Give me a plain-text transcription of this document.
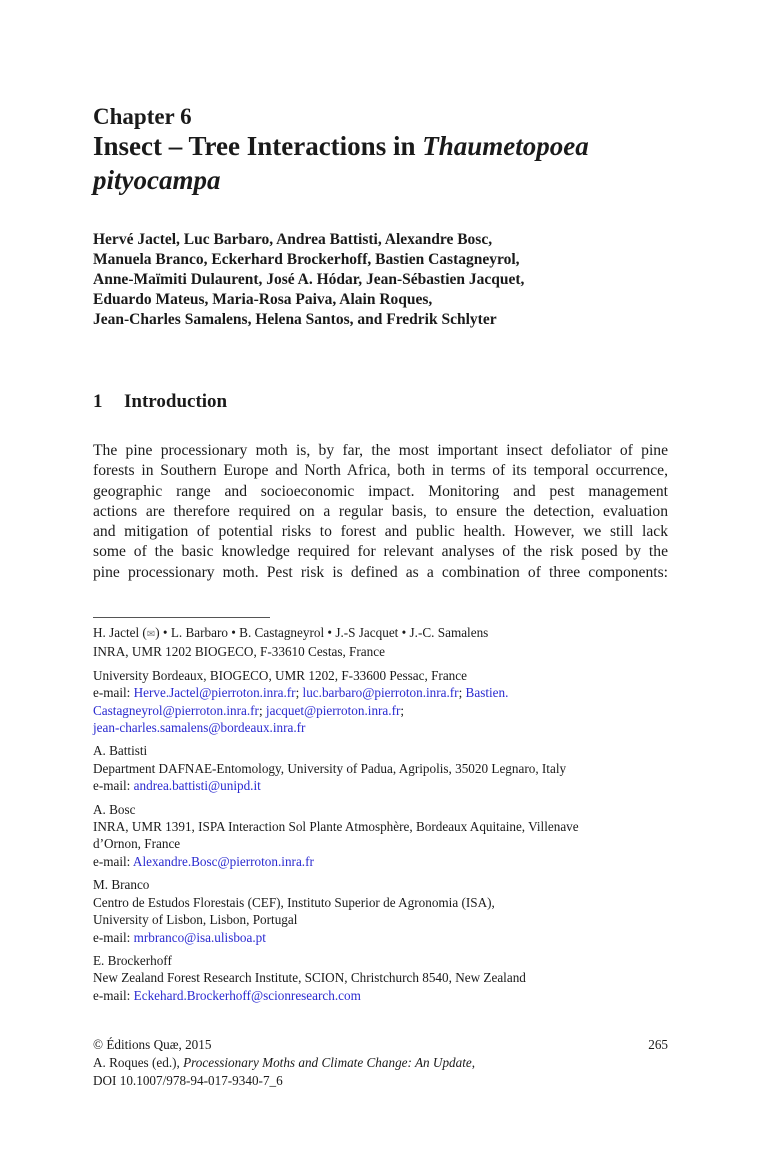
Chapter 6
Insect – Tree Interactions in Thaumetopoea
pityocampa
Hervé Jactel, Luc Barbaro, Andrea Battisti, Alexandre Bosc,
Manuela Branco, Eckerhard Brockerhoff, Bastien Castagneyrol,
Anne-Maïmiti Dulaurent, José A. Hódar, Jean-Sébastien Jacquet,
Eduardo Mateus, Maria-Rosa Paiva, Alain Roques,
Jean-Charles Samalens, Helena Santos, and Fredrik Schlyter
1 Introduction
The pine processionary moth is, by far, the most important insect defoliator of pine
forests in Southern Europe and North Africa, both in terms of its temporal occurrence,
geographic range and socioeconomic impact. Monitoring and pest management
actions are therefore required on a regular basis, to ensure the detection, evaluation
and mitigation of potential risks to forest and public health. However, we still lack
some of the basic knowledge required for relevant analyses of the risk posed by the
pine processionary moth. Pest risk is defined as a combination of three components:
H. Jactel (✉) • L. Barbaro • B. Castagneyrol • J.-S Jacquet • J.-C. Samalens
INRA, UMR 1202 BIOGECO, F-33610 Cestas, France
University Bordeaux, BIOGECO, UMR 1202, F-33600 Pessac, France
e-mail: Herve.Jactel@pierroton.inra.fr; luc.barbaro@pierroton.inra.fr; Bastien.
Castagneyrol@pierroton.inra.fr; jacquet@pierroton.inra.fr;
jean-charles.samalens@bordeaux.inra.fr
A. Battisti
Department DAFNAE-Entomology, University of Padua, Agripolis, 35020 Legnaro, Italy
e-mail: andrea.battisti@unipd.it
A. Bosc
INRA, UMR 1391, ISPA Interaction Sol Plante Atmosphère, Bordeaux Aquitaine, Villenave
d’Ornon, France
e-mail: Alexandre.Bosc@pierroton.inra.fr
M. Branco
Centro de Estudos Florestais (CEF), Instituto Superior de Agronomia (ISA),
University of Lisbon, Lisbon, Portugal
e-mail: mrbranco@isa.ulisboa.pt
E. Brockerhoff
New Zealand Forest Research Institute, SCION, Christchurch 8540, New Zealand
e-mail: Eckehard.Brockerhoff@scionresearch.com
© Éditions Quæ, 2015	265
A. Roques (ed.), Processionary Moths and Climate Change: An Update,
DOI 10.1007/978-94-017-9340-7_6
